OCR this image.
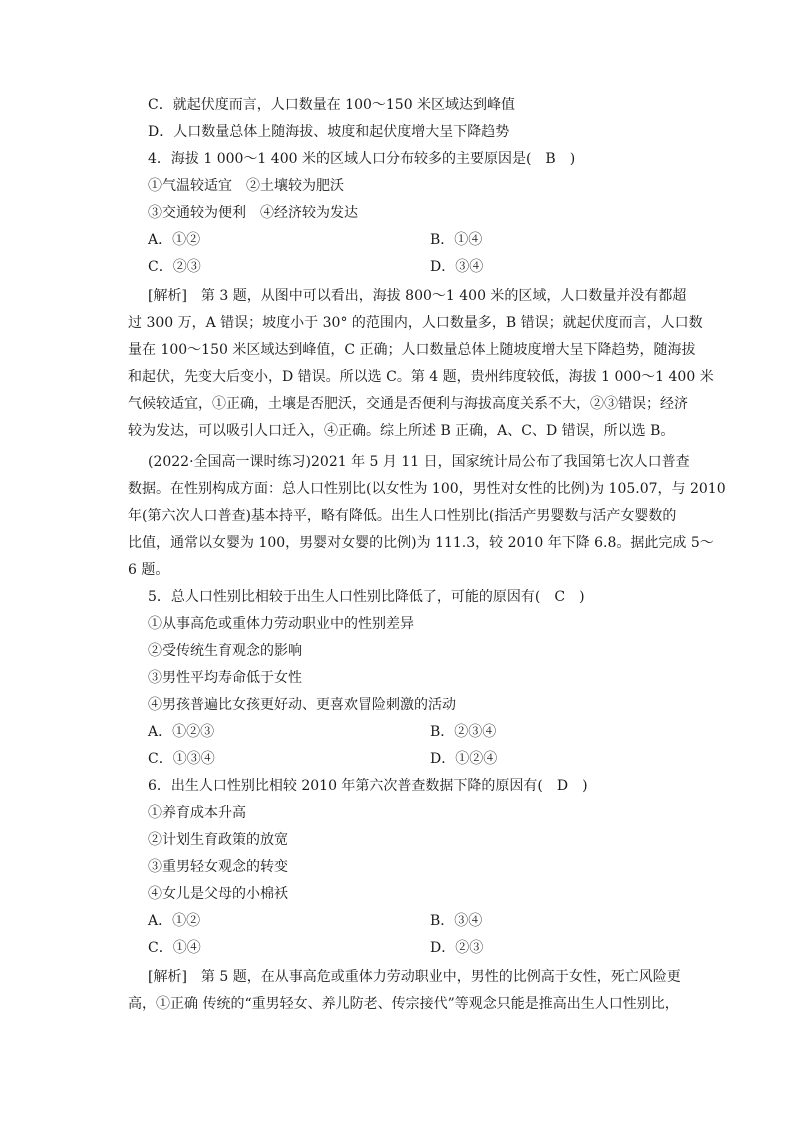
C．就起伏度而言，人口数量在 100～150 米区域达到峰值
D．人口数量总体上随海拔、坡度和起伏度增大呈下降趋势
4．海拔 1 000～1 400 米的区域人口分布较多的主要原因是(　B　)
①气温较适宜　②土壤较为肥沃
③交通较为便利　④经济较为发达
A．①②	B．①④
C．②③	D．③④
[解析]　第 3 题，从图中可以看出，海拔 800～1 400 米的区域，人口数量并没有都超
过 300 万，A 错误；坡度小于 30° 的范围内，人口数量多，B 错误；就起伏度而言，人口数
量在 100～150 米区域达到峰值，C 正确；人口数量总体上随坡度增大呈下降趋势，随海拔
和起伏，先变大后变小，D 错误。所以选 C。第 4 题，贵州纬度较低，海拔 1 000～1 400 米
气候较适宜，①正确，土壤是否肥沃，交通是否便利与海拔高度关系不大，②③错误；经济
较为发达，可以吸引人口迁入，④正确。综上所述 B 正确，A、C、D 错误，所以选 B。
(2022·全国高一课时练习)2021 年 5 月 11 日，国家统计局公布了我国第七次人口普查
数据。在性别构成方面：总人口性别比(以女性为 100，男性对女性的比例)为 105.07，与 2010
年(第六次人口普查)基本持平，略有降低。出生人口性别比(指活产男婴数与活产女婴数的
比值，通常以女婴为 100，男婴对女婴的比例)为 111.3，较 2010 年下降 6.8。据此完成 5～
6 题。
5．总人口性别比相较于出生人口性别比降低了，可能的原因有(　C　)
①从事高危或重体力劳动职业中的性别差异
②受传统生育观念的影响
③男性平均寿命低于女性
④男孩普遍比女孩更好动、更喜欢冒险刺激的活动
A．①②③	B．②③④
C．①③④	D．①②④
6．出生人口性别比相较 2010 年第六次普查数据下降的原因有(　D　)
①养育成本升高
②计划生育政策的放宽
③重男轻女观念的转变
④女儿是父母的小棉袄
A．①②	B．③④
C．①④	D．②③
[解析]　第 5 题，在从事高危或重体力劳动职业中，男性的比例高于女性，死亡风险更
高，①正确 传统的“重男轻女、养儿防老、传宗接代”等观念只能是推高出生人口性别比，
